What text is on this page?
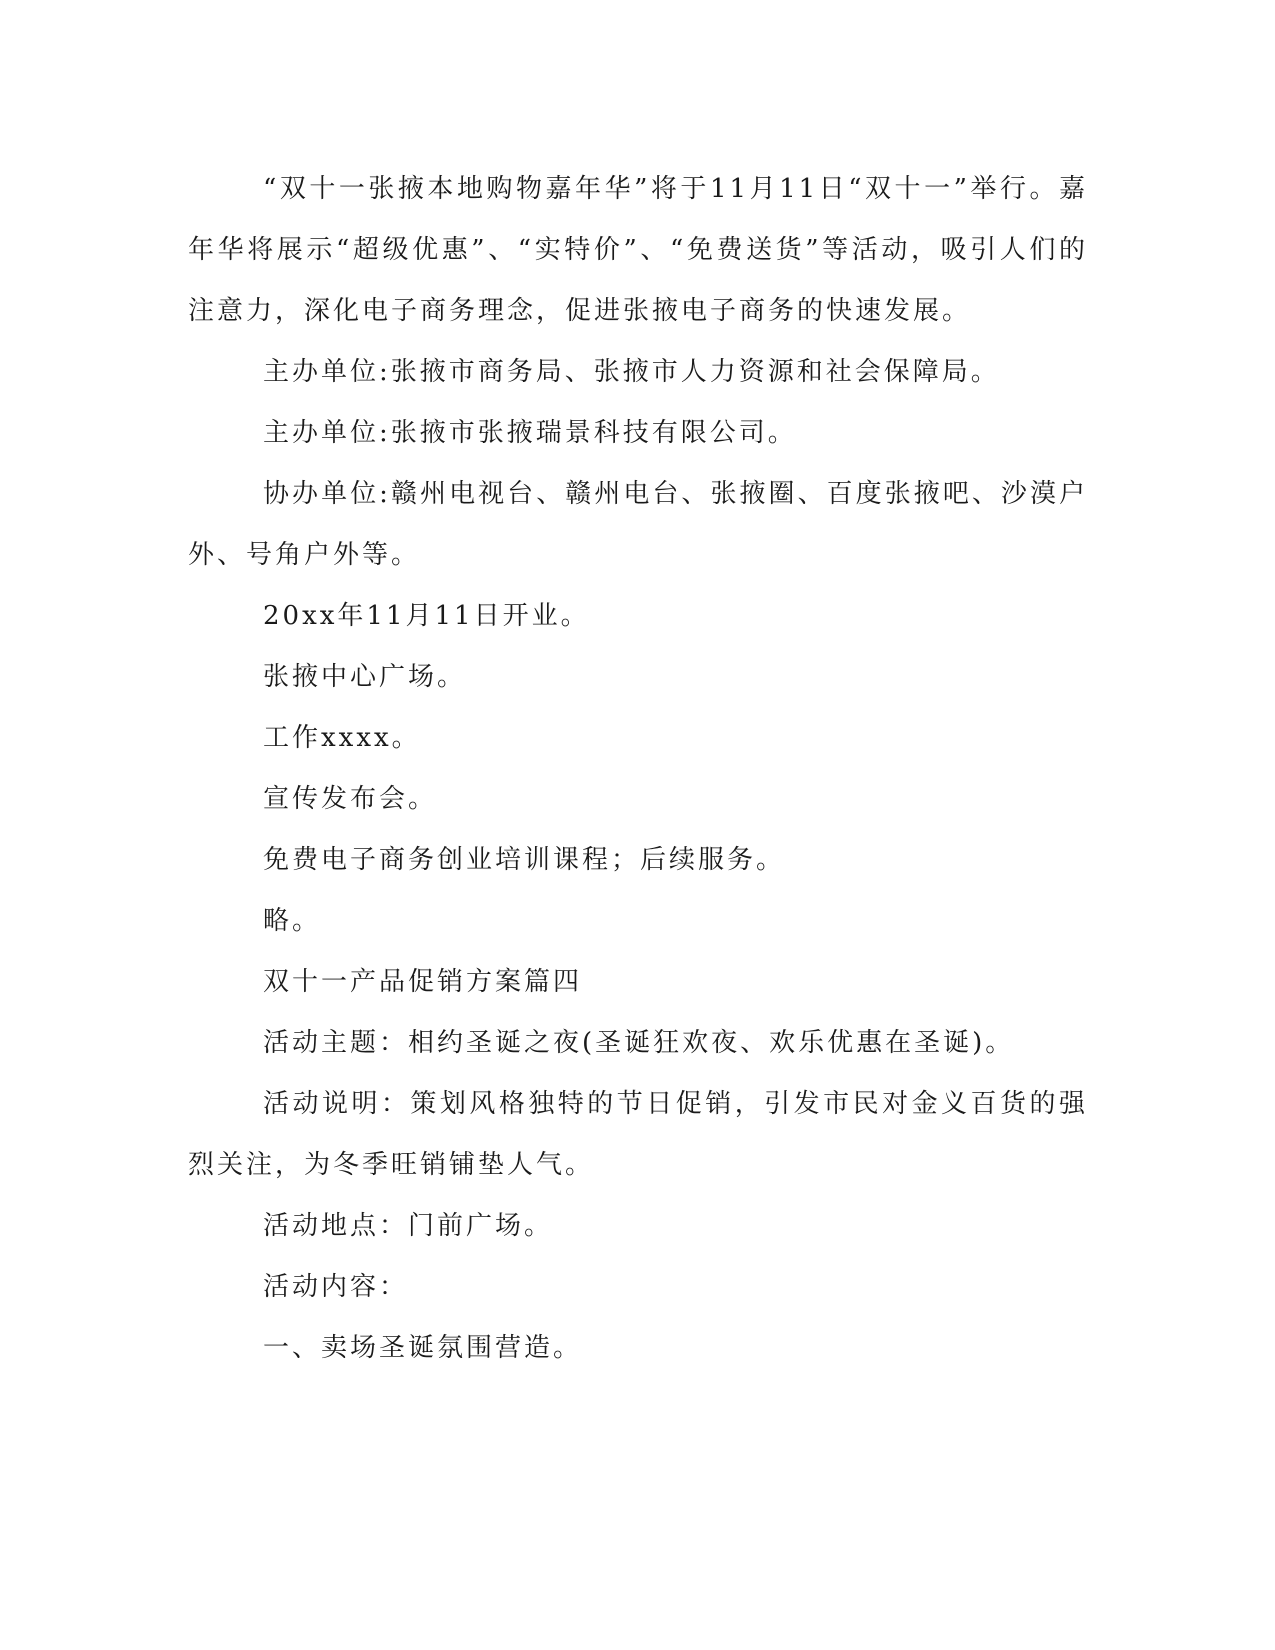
“双十一张掖本地购物嘉年华”将于11月11日“双十一”举行。嘉年华将展示“超级优惠”、“实特价”、“免费送货”等活动，吸引人们的注意力，深化电子商务理念，促进张掖电子商务的快速发展。

主办单位:张掖市商务局、张掖市人力资源和社会保障局。

主办单位:张掖市张掖瑞景科技有限公司。

协办单位:赣州电视台、赣州电台、张掖圈、百度张掖吧、沙漠户外、号角户外等。

20xx年11月11日开业。

张掖中心广场。

工作xxxx。

宣传发布会。

免费电子商务创业培训课程；后续服务。

略。

双十一产品促销方案篇四

活动主题：相约圣诞之夜(圣诞狂欢夜、欢乐优惠在圣诞)。

活动说明：策划风格独特的节日促销，引发市民对金义百货的强烈关注，为冬季旺销铺垫人气。

活动地点：门前广场。

活动内容：

一、卖场圣诞氛围营造。
